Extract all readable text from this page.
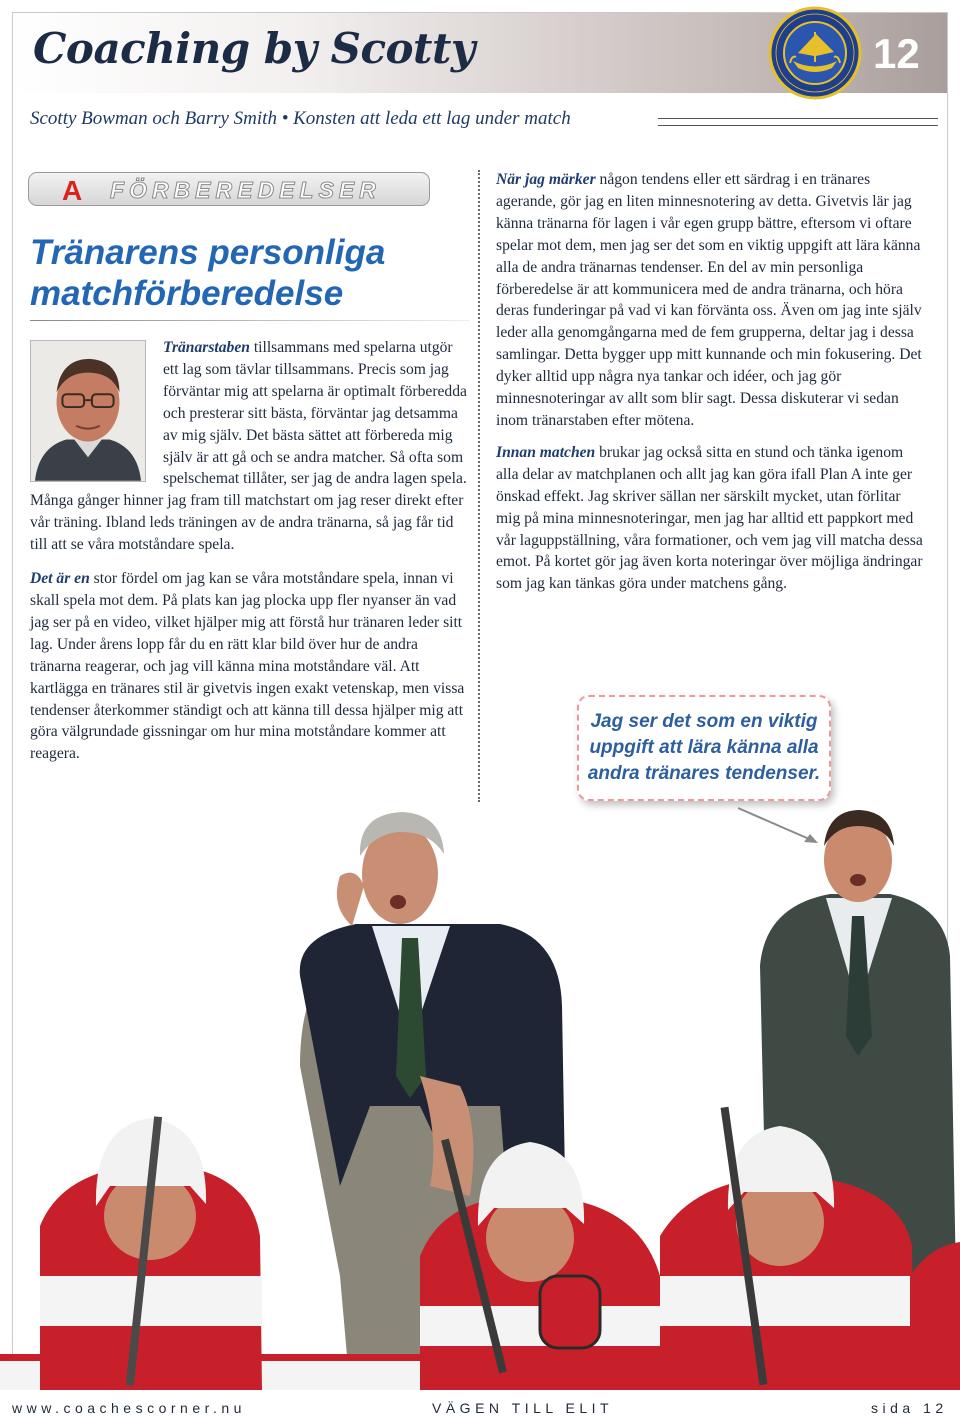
Coaching by Scotty	12
Scotty Bowman och Barry Smith • Konsten att leda ett lag under match
A FÖRBEREDELSER
Tränarens personliga
matchförberedelse

Tränarstaben tillsammans med spelarna utgör ett lag som tävlar tillsammans. Precis som jag förväntar mig att spelarna är optimalt förberedda och presterar sitt bästa, förväntar jag detsamma av mig själv. Det bästa sättet att förbereda mig själv är att gå och se andra matcher. Så ofta som spelschemat tillåter, ser jag de andra lagen spela. Många gånger hinner jag fram till matchstart om jag reser direkt efter vår träning. Ibland leds träningen av de andra tränarna, så jag får tid till att se våra motståndare spela.

Det är en stor fördel om jag kan se våra motståndare spela, innan vi skall spela mot dem. På plats kan jag plocka upp fler nyanser än vad jag ser på en video, vilket hjälper mig att förstå hur tränaren leder sitt lag. Under årens lopp får du en rätt klar bild över hur de andra tränarna reagerar, och jag vill känna mina motståndare väl. Att kartlägga en tränares stil är givetvis ingen exakt vetenskap, men vissa tendenser återkommer ständigt och att känna till dessa hjälper mig att göra välgrundade gissningar om hur mina motståndare kommer att reagera.

När jag märker någon tendens eller ett särdrag i en tränares agerande, gör jag en liten minnesnotering av detta. Givetvis lär jag känna tränarna för lagen i vår egen grupp bättre, eftersom vi oftare spelar mot dem, men jag ser det som en viktig uppgift att lära känna alla de andra tränarnas tendenser. En del av min personliga förberedelse är att kommunicera med de andra tränarna, och höra deras funderingar på vad vi kan förvänta oss. Även om jag inte själv leder alla genomgångarna med de fem grupperna, deltar jag i dessa samlingar. Detta bygger upp mitt kunnande och min fokusering. Det dyker alltid upp några nya tankar och idéer, och jag gör minnesnoteringar av allt som blir sagt. Dessa diskuterar vi sedan inom tränarstaben efter mötena.

Innan matchen brukar jag också sitta en stund och tänka igenom alla delar av matchplanen och allt jag kan göra ifall Plan A inte ger önskad effekt. Jag skriver sällan ner särskilt mycket, utan förlitar mig på mina minnesnoteringar, men jag har alltid ett pappkort med vår laguppställning, våra formationer, och vem jag vill matcha dessa emot. På kortet gör jag även korta noteringar över möjliga ändringar som jag kan tänkas göra under matchens gång.

Jag ser det som en viktig uppgift att lära känna alla andra tränares tendenser.
www.coachescorner.nu	VÄGEN TILL ELIT	sida 12
